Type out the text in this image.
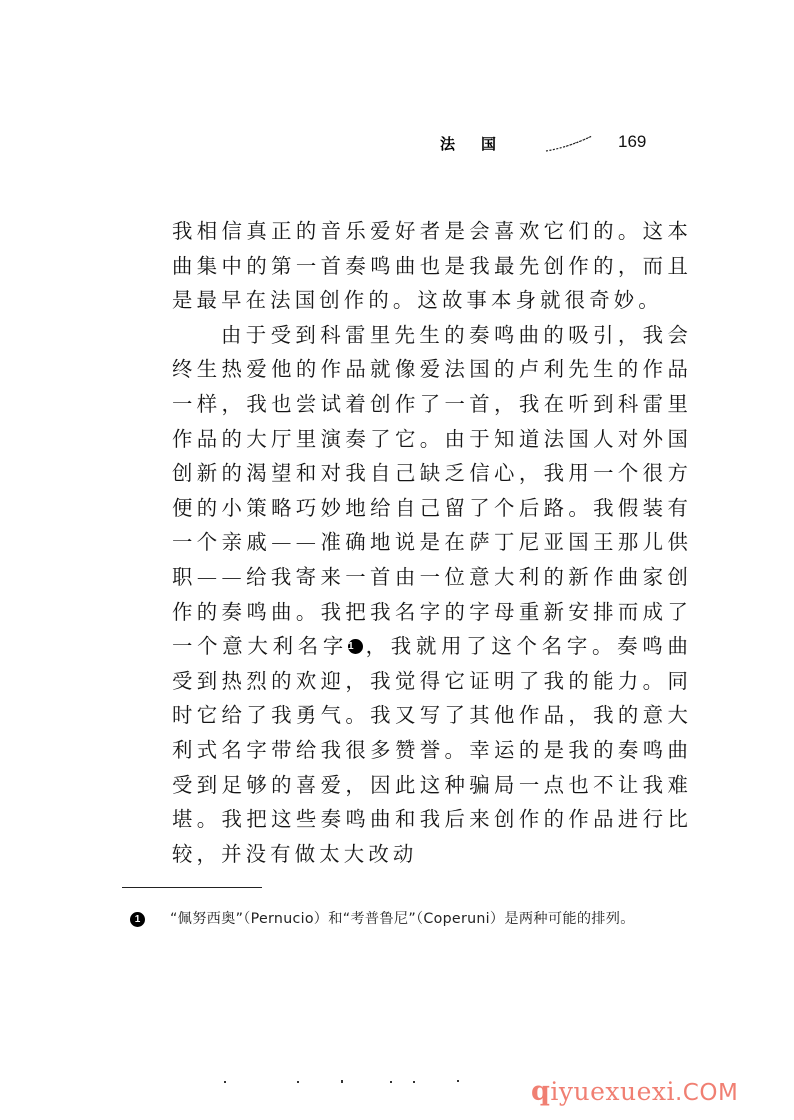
法国	169

我相信真正的音乐爱好者是会喜欢它们的。这本曲集中的第一首奏鸣曲也是我最先创作的，而且是最早在法国创作的。这故事本身就很奇妙。

由于受到科雷里先生的奏鸣曲的吸引，我会终生热爱他的作品就像爱法国的卢利先生的作品一样，我也尝试着创作了一首，我在听到科雷里作品的大厅里演奏了它。由于知道法国人对外国创新的渴望和对我自己缺乏信心，我用一个很方便的小策略巧妙地给自己留了个后路。我假装有一个亲戚——准确地说是在萨丁尼亚国王那儿供职——给我寄来一首由一位意大利的新作曲家创作的奏鸣曲。我把我名字的字母重新安排而成了一个意大利名字1 ，我就用了这个名字。奏鸣曲受到热烈的欢迎，我觉得它证明了我的能力。同时它给了我勇气。我又写了其他作品，我的意大利式名字带给我很多赞誉。幸运的是我的奏鸣曲受到足够的喜爱，因此这种骗局一点也不让我难堪。我把这些奏鸣曲和我后来创作的作品进行比较，并没有做太大改动

1	“佩努西奥”（Pernucio）和“考普鲁尼”（Coperuni）是两种可能的排列。
qiyuexuexi.COM
